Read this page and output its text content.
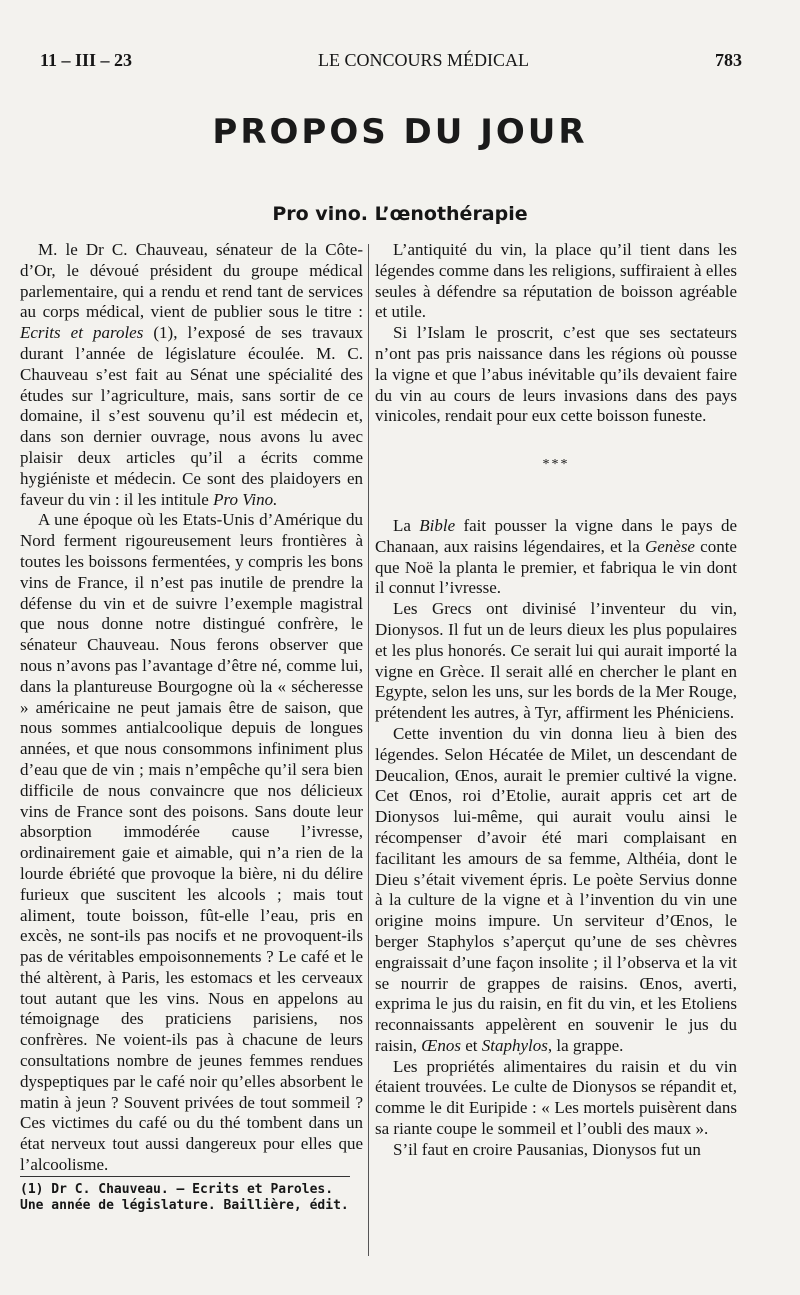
11 – III – 23	LE CONCOURS MÉDICAL	783
PROPOS DU JOUR
Pro vino. L’œnothérapie

M. le Dr C. Chauveau, sénateur de la Côte-d’Or, le dévoué président du groupe médical parlementaire, qui a rendu et rend tant de services au corps médical, vient de publier sous le titre : Ecrits et paroles (1), l’exposé de ses travaux durant l’année de législature écoulée. M. C. Chauveau s’est fait au Sénat une spécialité des études sur l’agriculture, mais, sans sortir de ce domaine, il s’est souvenu qu’il est médecin et, dans son dernier ouvrage, nous avons lu avec plaisir deux articles qu’il a écrits comme hygiéniste et médecin. Ce sont des plaidoyers en faveur du vin : il les intitule Pro Vino.

A une époque où les Etats-Unis d’Amérique du Nord ferment rigoureusement leurs frontières à toutes les boissons fermentées, y compris les bons vins de France, il n’est pas inutile de prendre la défense du vin et de suivre l’exemple magistral que nous donne notre distingué confrère, le sénateur Chauveau. Nous ferons observer que nous n’avons pas l’avantage d’être né, comme lui, dans la plantureuse Bourgogne où la « sécheresse » américaine ne peut jamais être de saison, que nous sommes antialcoolique depuis de longues années, et que nous consommons infiniment plus d’eau que de vin ; mais n’empêche qu’il sera bien difficile de nous convaincre que nos délicieux vins de France sont des poisons. Sans doute leur absorption immodérée cause l’ivresse, ordinairement gaie et aimable, qui n’a rien de la lourde ébriété que provoque la bière, ni du délire furieux que suscitent les alcools ; mais tout aliment, toute boisson, fût-elle l’eau, pris en excès, ne sont-ils pas nocifs et ne provoquent-ils pas de véritables empoisonnements ? Le café et le thé altèrent, à Paris, les estomacs et les cerveaux tout autant que les vins. Nous en appelons au témoignage des praticiens parisiens, nos confrères. Ne voient-ils pas à chacune de leurs consultations nombre de jeunes femmes rendues dyspeptiques par le café noir qu’elles absorbent le matin à jeun ? Souvent privées de tout sommeil ? Ces victimes du café ou du thé tombent dans un état nerveux tout aussi dangereux pour elles que l’alcoolisme.

L’antiquité du vin, la place qu’il tient dans les légendes comme dans les religions, suffiraient à elles seules à défendre sa réputation de boisson agréable et utile.

Si l’Islam le proscrit, c’est que ses sectateurs n’ont pas pris naissance dans les régions où pousse la vigne et que l’abus inévitable qu’ils devaient faire du vin au cours de leurs invasions dans des pays vinicoles, rendait pour eux cette boisson funeste.

***

La Bible fait pousser la vigne dans le pays de Chanaan, aux raisins légendaires, et la Genèse conte que Noë la planta le premier, et fabriqua le vin dont il connut l’ivresse.

Les Grecs ont divinisé l’inventeur du vin, Dionysos. Il fut un de leurs dieux les plus populaires et les plus honorés. Ce serait lui qui aurait importé la vigne en Grèce. Il serait allé en chercher le plant en Egypte, selon les uns, sur les bords de la Mer Rouge, prétendent les autres, à Tyr, affirment les Phéniciens.

Cette invention du vin donna lieu à bien des légendes. Selon Hécatée de Milet, un descendant de Deucalion, Œnos, aurait le premier cultivé la vigne. Cet Œnos, roi d’Etolie, aurait appris cet art de Dionysos lui-même, qui aurait voulu ainsi le récompenser d’avoir été mari complaisant en facilitant les amours de sa femme, Althéia, dont le Dieu s’était vivement épris. Le poète Servius donne à la culture de la vigne et à l’invention du vin une origine moins impure. Un serviteur d’Œnos, le berger Staphylos s’aperçut qu’une de ses chèvres engraissait d’une façon insolite ; il l’observa et la vit se nourrir de grappes de raisins. Œnos, averti, exprima le jus du raisin, en fit du vin, et les Etoliens reconnaissants appelèrent en souvenir le jus du raisin, Œnos et Staphylos, la grappe.

Les propriétés alimentaires du raisin et du vin étaient trouvées. Le culte de Dionysos se répandit et, comme le dit Euripide : « Les mortels puisèrent dans sa riante coupe le sommeil et l’oubli des maux ».

S’il faut en croire Pausanias, Dionysos fut un

(1) Dr C. Chauveau. — Ecrits et Paroles. Une année de législature. Baillière, édit.
